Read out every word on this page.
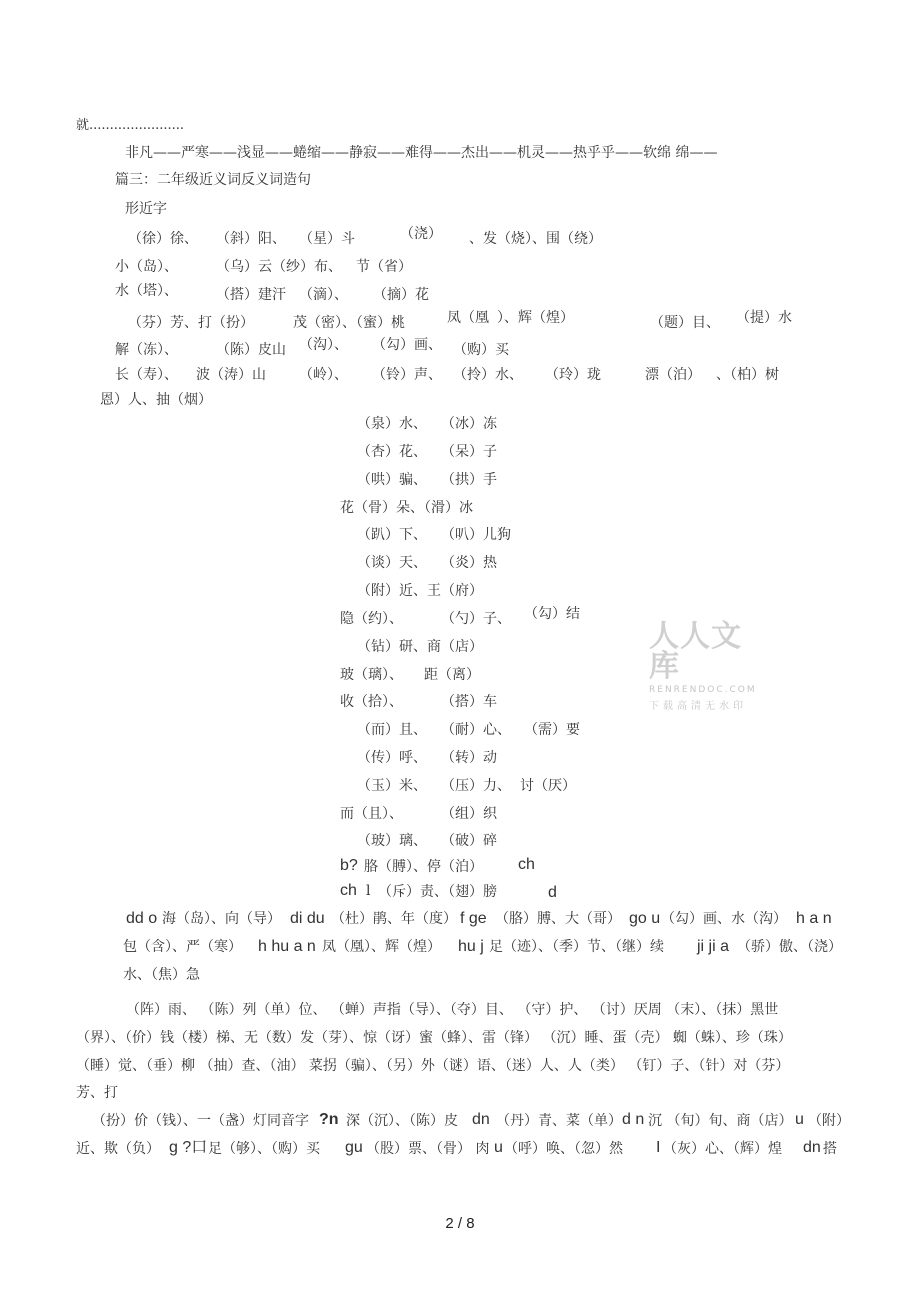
就.......................
非凡——严寒——浅显——蜷缩——静寂——难得——杰出——机灵——热乎乎——软绵 绵——
篇三：二年级近义词反义词造句
形近字
（徐）徐、 （斜）阳、 （星）斗	（浇） 、发（烧）、围（绕）
小（岛）、	（乌）云（纱）布、 节（省）
水（塔）、	（搭）建汗 （滴）、 （摘）花
（芬）芳、打（扮）	茂（密）、（蜜）桃	凤（凰 ）、辉（煌）	（题）目、 （提）水
解（冻）、	（陈）皮山 （沟）、 （勾）画、 （购）买
长（寿）、 波（涛）山 （岭）、 （铃）声、 （拎）水、 （玲）珑	漂（泊） 、（柏）树
恩）人、抽（烟）
（泉）水、 （冰）冻
（杏）花、 （呆）子
（哄）骗、 （拱）手
花（骨）朵、（滑）冰
（趴）下、 （叭）儿狗
（谈）天、 （炎）热
（附）近、王（府）
隐（约）、	（勺）子、 （勾）结
（钻）研、商（店）
玻（璃）、 距（离）
收（拾）、	（搭）车
（而）且、 （耐）心、 （需）要
（传）呼、 （转）动
（玉）米、 （压）力、 讨（厌）
而（且）、	（组）织
（玻）璃、 （破）碎
b? 胳（膊）、停（泊） ch
ch l （斥）责、（翅）膀	d
dd o 海（岛）、向（导） di du （杜）鹃、年（度） f ge （胳）膊、大（哥） go u （勾）画、水（沟） h a n
包（含）、严（寒） h hu a n 凤（凰）、辉（煌） hu j 足（迹）、（季）节、（继）续 ji ji a （骄）傲、（浇）
水、（焦）急
（阵）雨、 （陈）列（单）位、 （蝉）声指（导）、（夺）目、 （守）护、 （讨）厌周 （末）、（抹）黑世
（界）、（价）钱（楼）梯、无（数）发（芽）、惊（讶）蜜（蜂）、雷（锋） （沉）睡、蛋（壳） 蜘（蛛）、珍（珠）
（睡）觉、（垂）柳 （抽）查、（油） 菜拐（骗）、（另）外（谜）语、（迷）人、人（类） （钉）子、（针）对（芬）
芳、打
（扮）价（钱）、一（盏）灯同音字 ?n 深（沉）、（陈）皮 dn （丹）青、菜（单） d n 沉 （旬）旬、商（店） u （附）
近、欺（负） g ?口 足（够）、（购）买 gu （股）票、（骨） 肉 u （呼）唤、（忽）然 I （灰）心、（辉）煌 dn 搭
人人文库
RENRENDOC.COM
下载高清无水印
2 / 8
